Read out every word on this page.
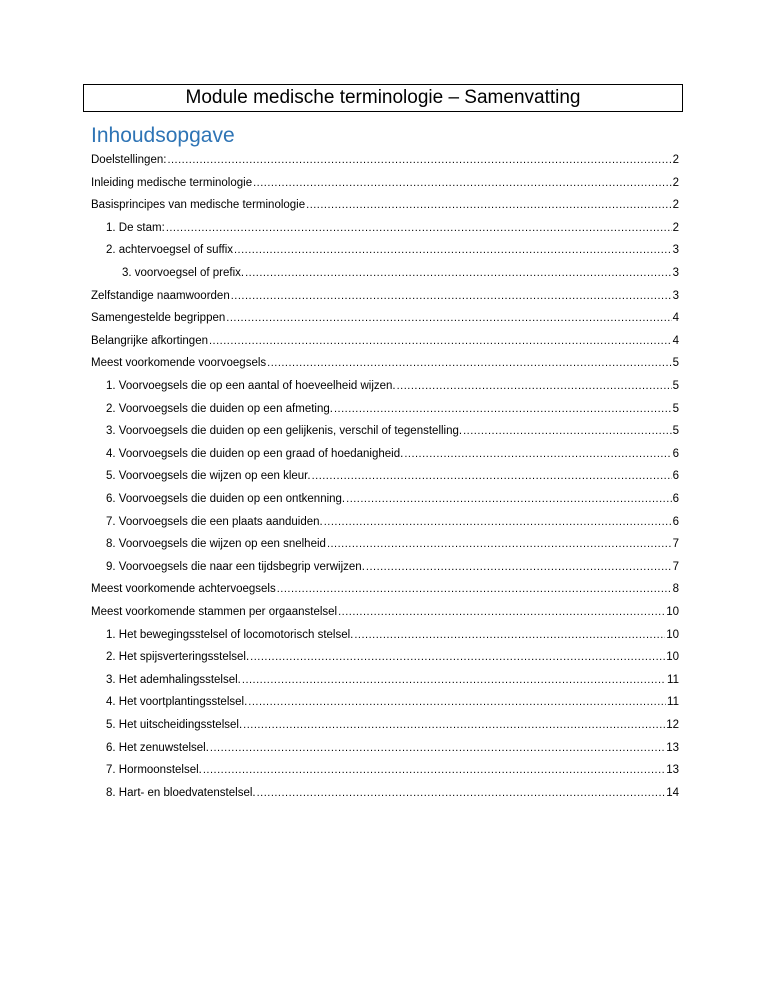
Module medische terminologie – Samenvatting
Inhoudsopgave
Doelstellingen: .....	2
Inleiding medische terminologie .....	2
Basisprincipes van medische terminologie .....	2
1. De stam: .....	2
2. achtervoegsel of suffix .....	3
3. voorvoegsel of prefix. .....	3
Zelfstandige naamwoorden .....	3
Samengestelde begrippen .....	4
Belangrijke afkortingen .....	4
Meest voorkomende voorvoegsels .....	5
1. Voorvoegsels die op een aantal of hoeveelheid wijzen. .....	5
2. Voorvoegsels die duiden op een afmeting. .....	5
3. Voorvoegsels die duiden op een gelijkenis, verschil of tegenstelling. .....	5
4. Voorvoegsels die duiden op een graad of hoedanigheid. .....	6
5. Voorvoegsels die wijzen op een kleur. .....	6
6. Voorvoegsels die duiden op een ontkenning. .....	6
7. Voorvoegsels die een plaats aanduiden. .....	6
8. Voorvoegsels die wijzen op een snelheid .....	7
9. Voorvoegsels die naar een tijdsbegrip verwijzen. .....	7
Meest voorkomende achtervoegsels .....	8
Meest voorkomende stammen per orgaanstelsel .....	10
1. Het bewegingsstelsel of locomotorisch stelsel. .....	10
2. Het spijsverteringsstelsel. .....	10
3. Het ademhalingsstelsel. .....	11
4. Het voortplantingsstelsel. .....	11
5. Het uitscheidingsstelsel. .....	12
6. Het zenuwstelsel. .....	13
7. Hormoonstelsel. .....	13
8. Hart- en bloedvatenstelsel. .....	14
